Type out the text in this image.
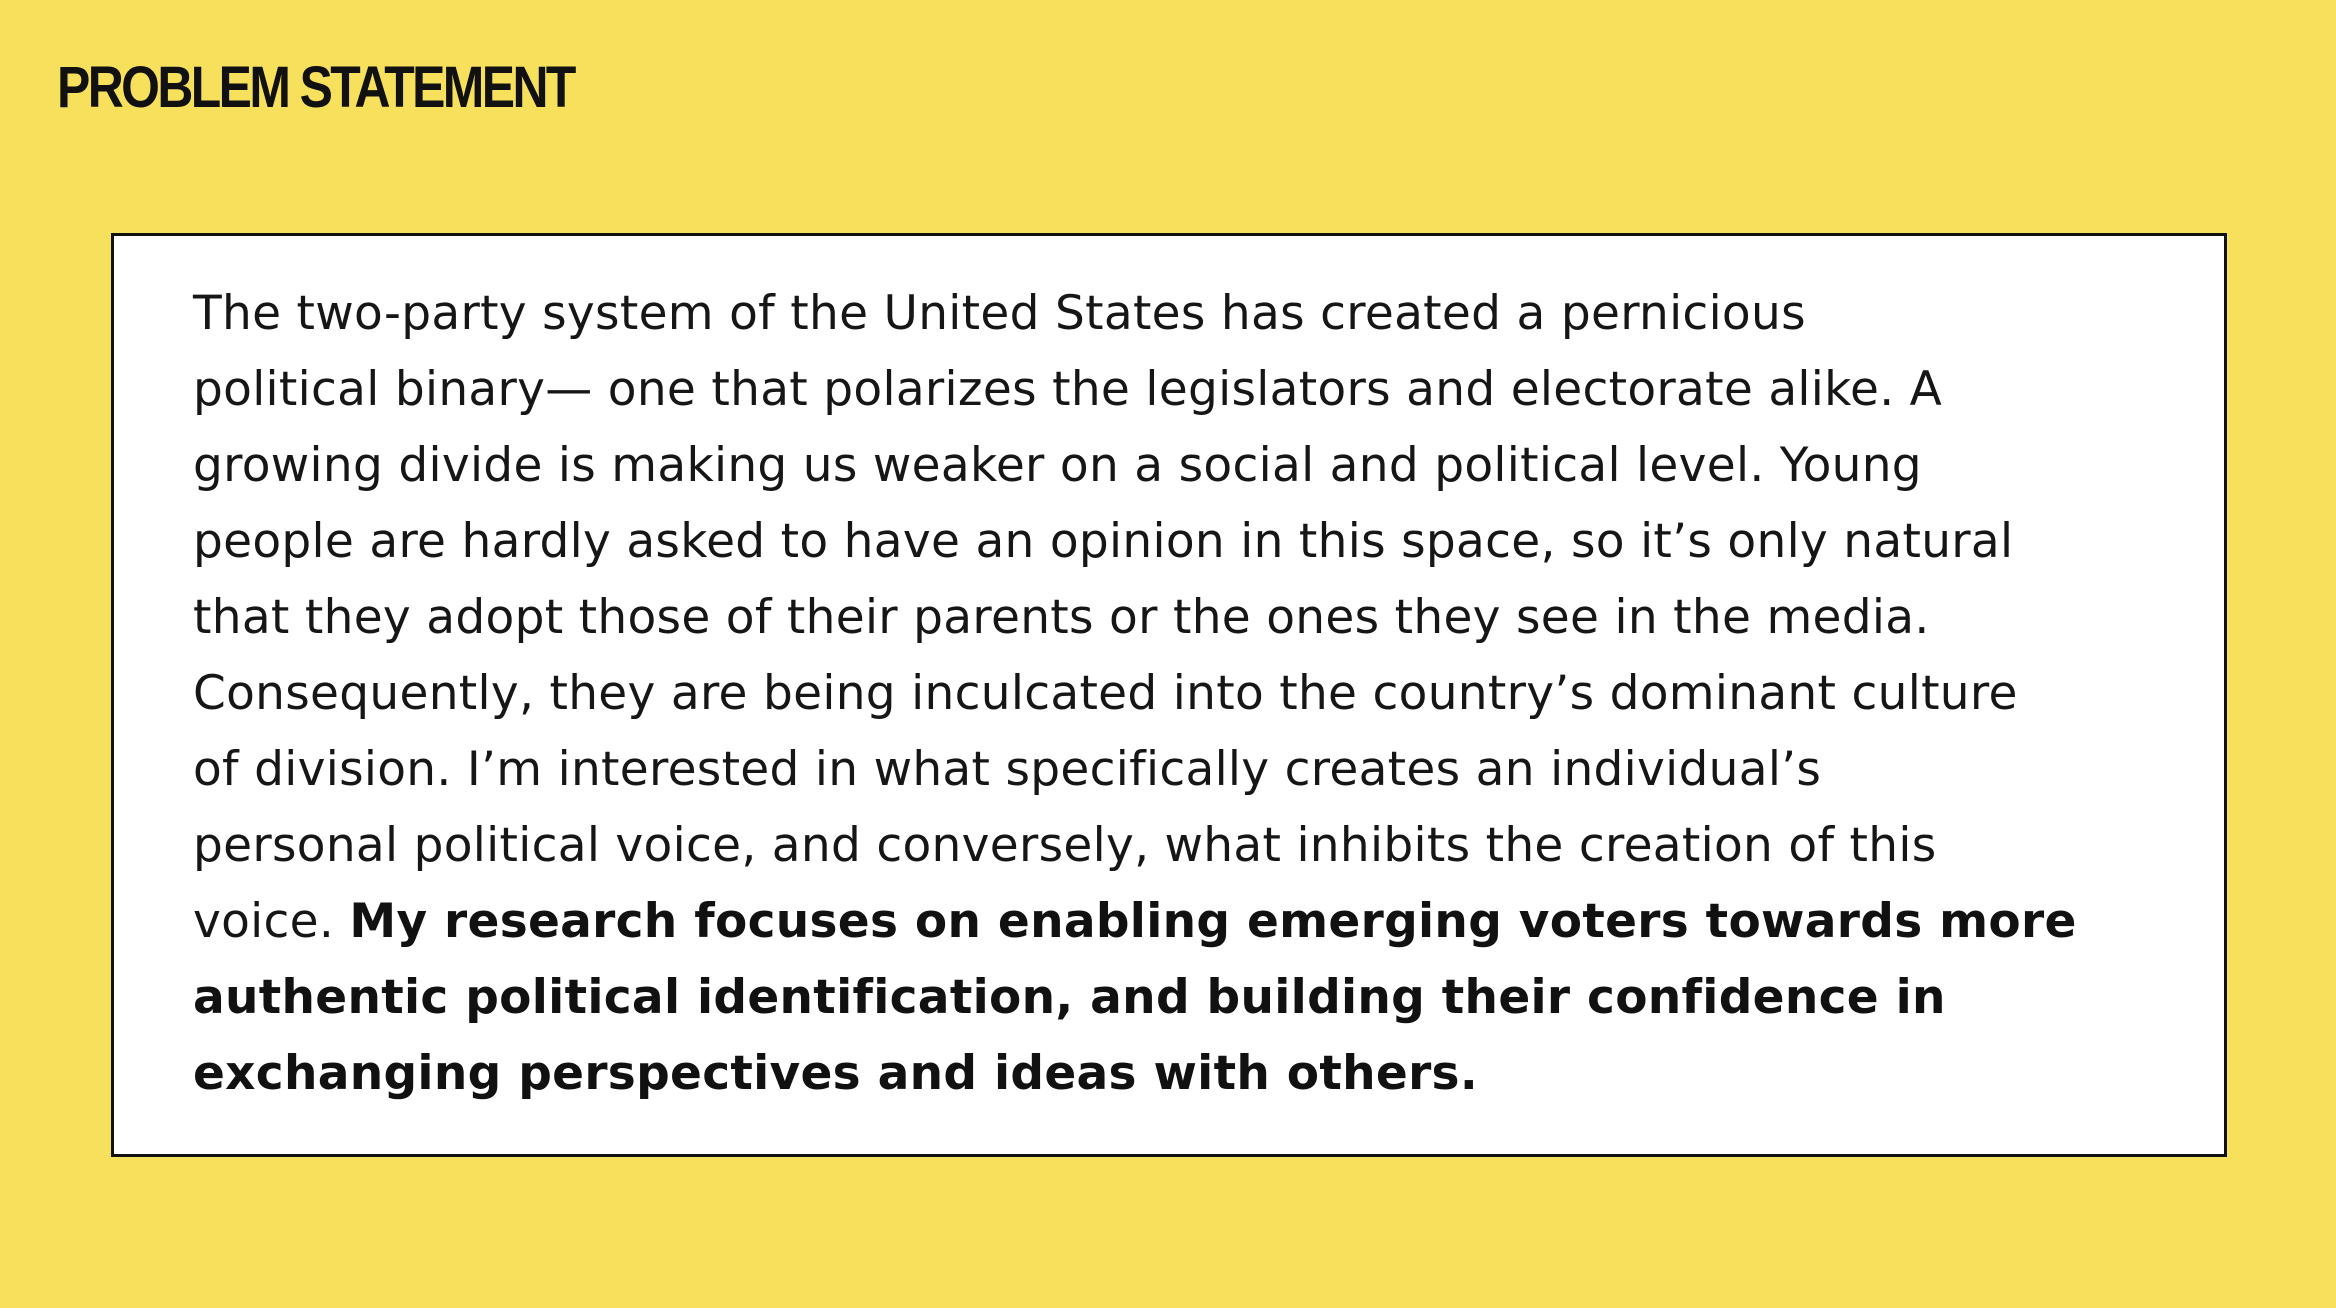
PROBLEM STATEMENT

The two-party system of the United States has created a pernicious
political binary— one that polarizes the legislators and electorate alike. A
growing divide is making us weaker on a social and political level. Young
people are hardly asked to have an opinion in this space, so it’s only natural
that they adopt those of their parents or the ones they see in the media.
Consequently, they are being inculcated into the country’s dominant culture
of division. I’m interested in what specifically creates an individual’s
personal political voice, and conversely, what inhibits the creation of this
voice. My research focuses on enabling emerging voters towards more
authentic political identification, and building their confidence in
exchanging perspectives and ideas with others.
